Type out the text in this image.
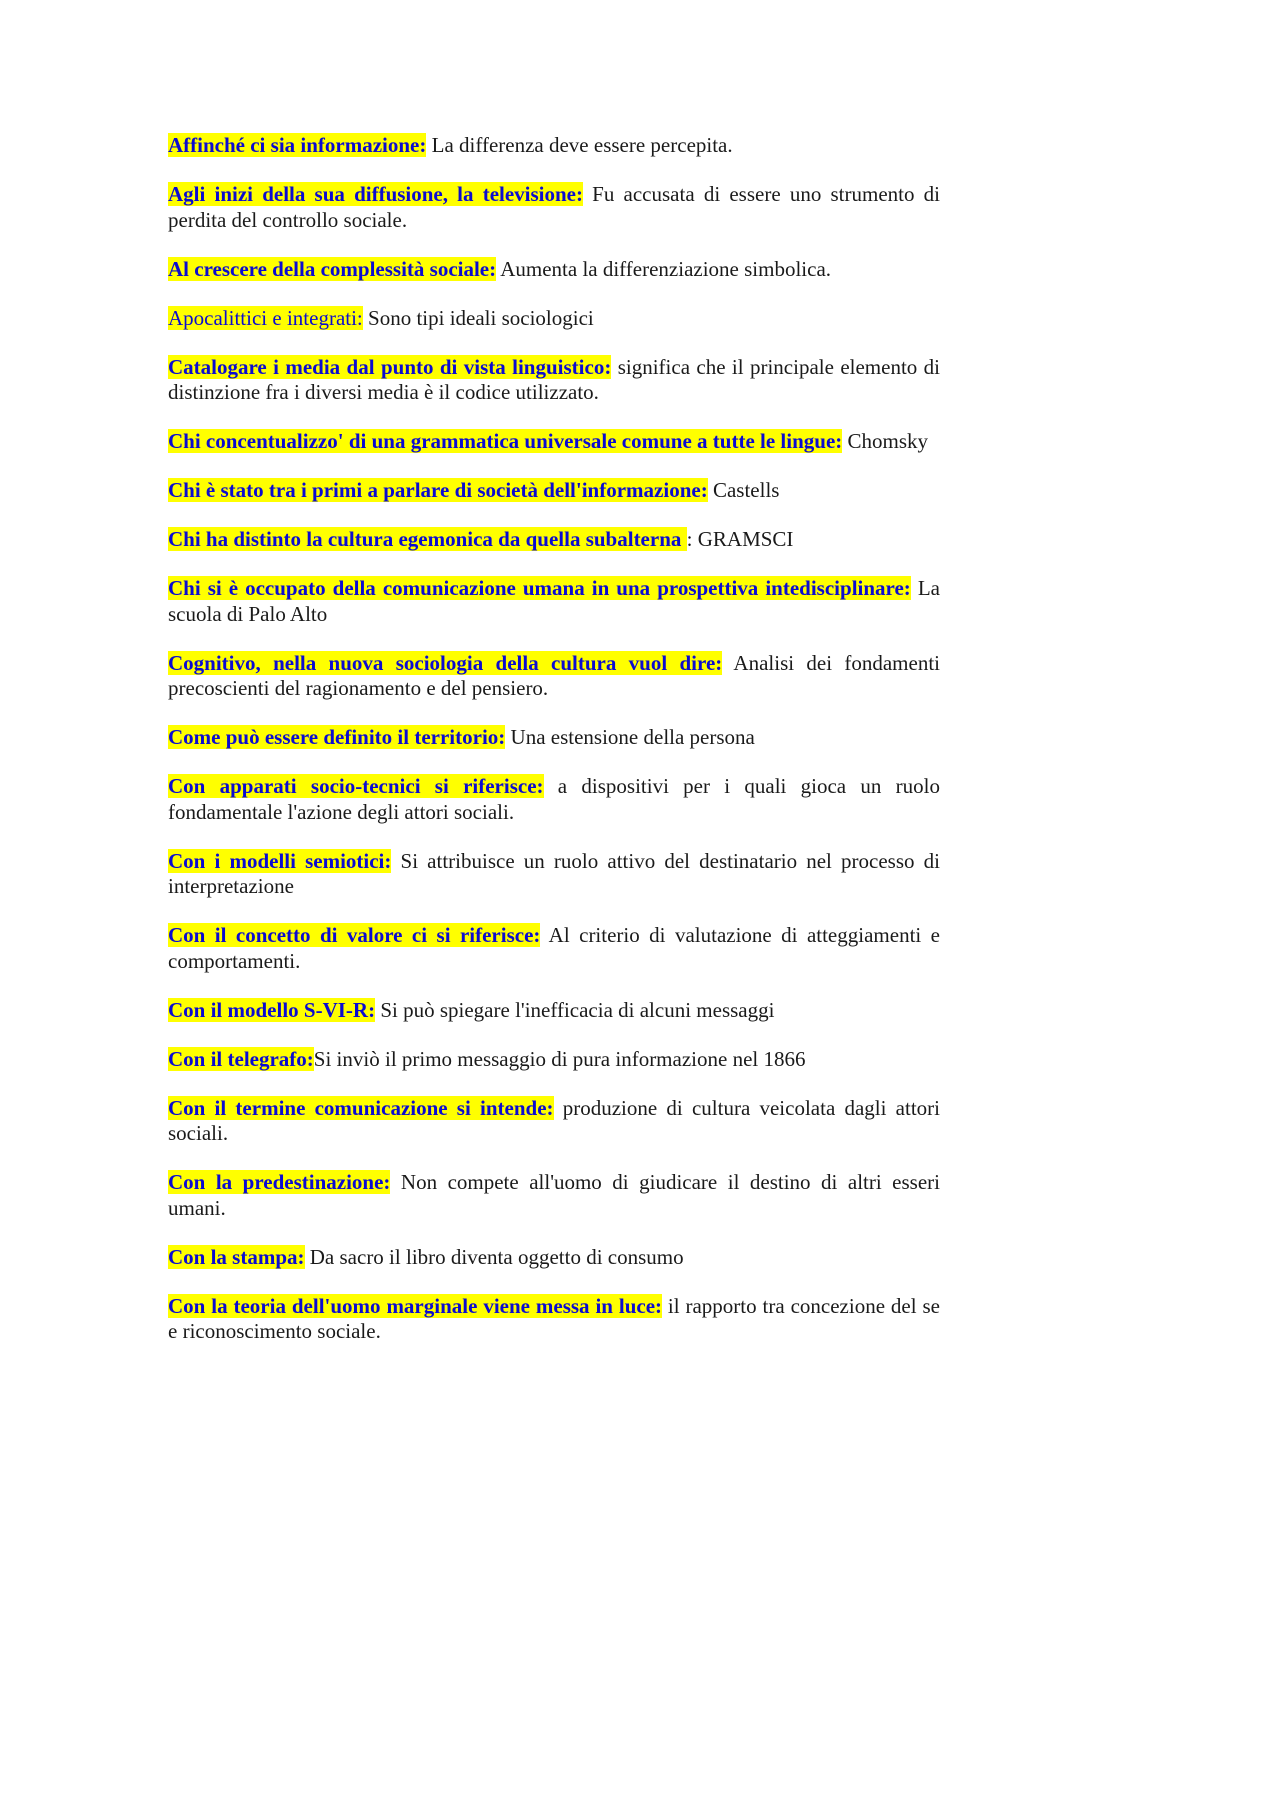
Affinché ci sia informazione: La differenza deve essere percepita.

Agli inizi della sua diffusione, la televisione: Fu accusata di essere uno strumento di perdita del controllo sociale.

Al crescere della complessità sociale: Aumenta la differenziazione simbolica.

Apocalittici e integrati: Sono tipi ideali sociologici

Catalogare i media dal punto di vista linguistico: significa che il principale elemento di distinzione fra i diversi media è il codice utilizzato.

Chi concentualizzo' di una grammatica universale comune a tutte le lingue: Chomsky

Chi è stato tra i primi a parlare di società dell'informazione: Castells

Chi ha distinto la cultura egemonica da quella subalterna : GRAMSCI

Chi si è occupato della comunicazione umana in una prospettiva intedisciplinare: La scuola di Palo Alto

Cognitivo, nella nuova sociologia della cultura vuol dire: Analisi dei fondamenti precoscienti del ragionamento e del pensiero.

Come può essere definito il territorio: Una estensione della persona

Con apparati socio-tecnici si riferisce: a dispositivi per i quali gioca un ruolo fondamentale l'azione degli attori sociali.

Con i modelli semiotici: Si attribuisce un ruolo attivo del destinatario nel processo di interpretazione

Con il concetto di valore ci si riferisce: Al criterio di valutazione di atteggiamenti e comportamenti.

Con il modello S-VI-R: Si può spiegare l'inefficacia di alcuni messaggi

Con il telegrafo:Si inviò il primo messaggio di pura informazione nel 1866

Con il termine comunicazione si intende: produzione di cultura veicolata dagli attori sociali.

Con la predestinazione: Non compete all'uomo di giudicare il destino di altri esseri umani.

Con la stampa: Da sacro il libro diventa oggetto di consumo

Con la teoria dell'uomo marginale viene messa in luce: il rapporto tra concezione del se e riconoscimento sociale.
